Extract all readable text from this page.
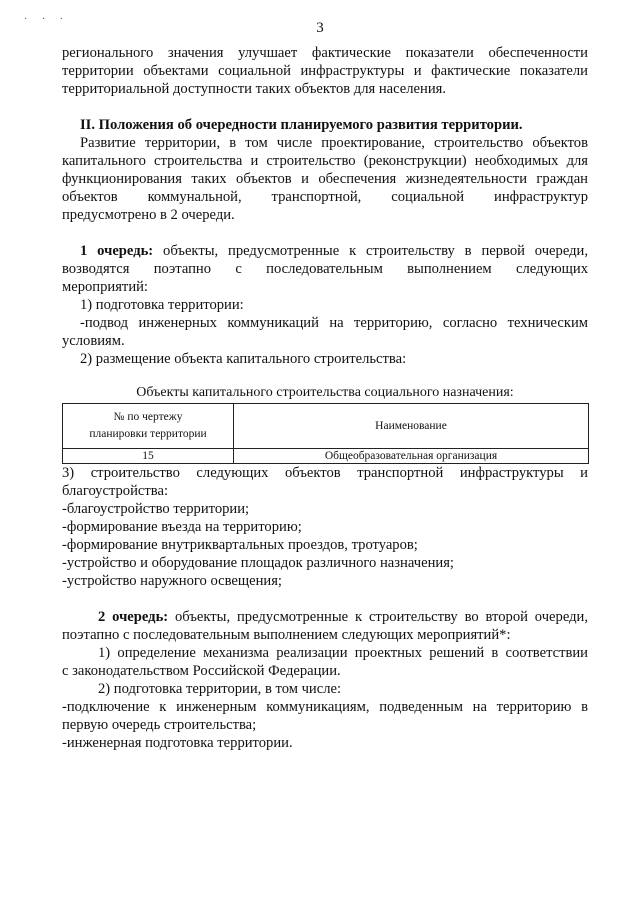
· · ·
3

регионального значения улучшает фактические показатели обеспеченности

территории объектами социальной инфраструктуры и фактические показатели

территориальной доступности таких объектов для населения.

II. Положения об очередности планируемого развития территории.

Развитие территории, в том числе проектирование, строительство объектов

капитального строительства и строительство (реконструкции) необходимых для

функционирования таких объектов и обеспечения жизнедеятельности граждан

объектов коммунальной, транспортной, социальной инфраструктур

предусмотрено в 2 очереди.

1 очередь: объекты, предусмотренные к строительству в первой очереди,

возводятся поэтапно с последовательным выполнением следующих

мероприятий:

1) подготовка территории:

-подвод инженерных коммуникаций на территорию, согласно техническим

условиям.

2) размещение объекта капитального строительства:

Объекты капитального строительства социального назначения:

№ по чертежу
планировки территории	Наименование
15	Общеобразовательная организация

3) строительство следующих объектов транспортной инфраструктуры и

благоустройства:

-благоустройство территории;

-формирование въезда на территорию;

-формирование внутриквартальных проездов, тротуаров;

-устройство и оборудование площадок различного назначения;

-устройство наружного освещения;

2 очередь: объекты, предусмотренные к строительству во второй очереди,

поэтапно с последовательным выполнением следующих мероприятий*:

1) определение механизма реализации проектных решений в соответствии

с законодательством Российской Федерации.

2) подготовка территории, в том числе:

-подключение к инженерным коммуникациям, подведенным на территорию в

первую очередь строительства;

-инженерная подготовка территории.
